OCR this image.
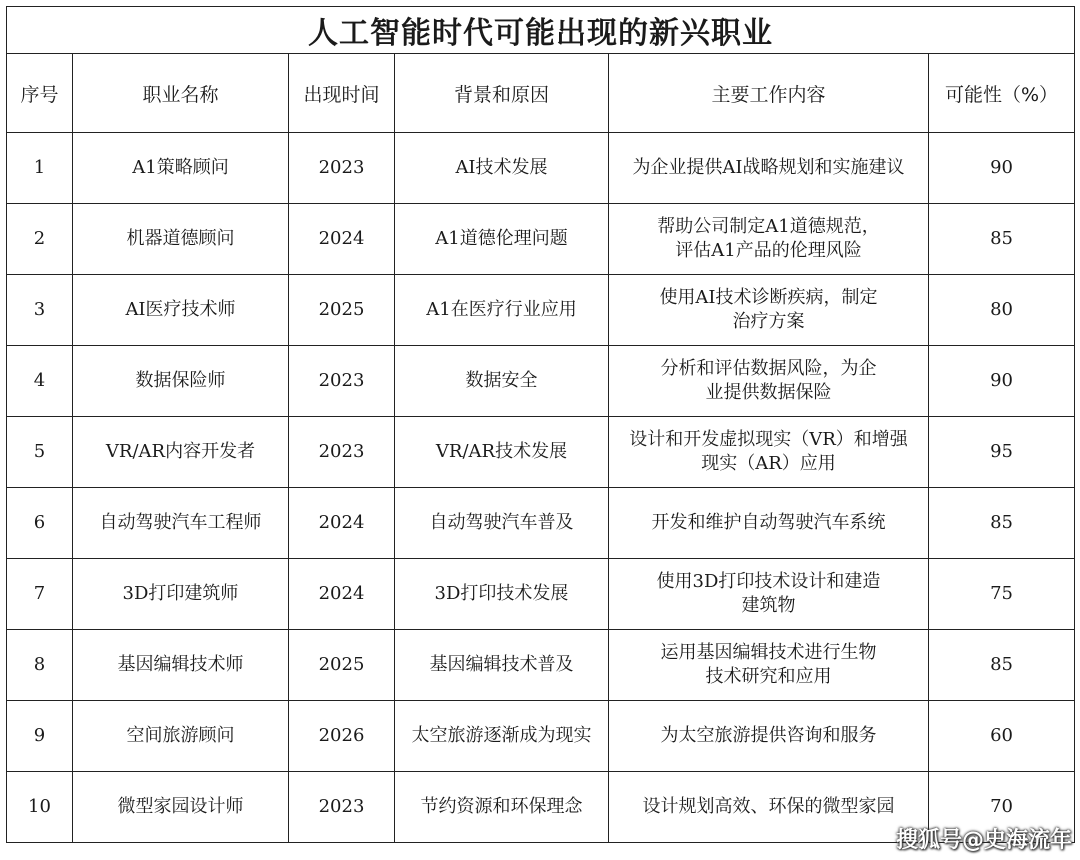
人工智能时代可能出现的新兴职业					
序号	职业名称	出现时间	背景和原因	主要工作内容	可能性（%）
1	A1策略顾问	2023	AI技术发展	为企业提供AI战略规划和实施建议	90
2	机器道德顾问	2024	A1道德伦理问题	帮助公司制定A1道德规范，
评估A1产品的伦理风险	85
3	AI医疗技术师	2025	A1在医疗行业应用	使用AI技术诊断疾病，制定
治疗方案	80
4	数据保险师	2023	数据安全	分析和评估数据风险，为企
业提供数据保险	90
5	VR/AR内容开发者	2023	VR/AR技术发展	设计和开发虚拟现实（VR）和增强
现实（AR）应用	95
6	自动驾驶汽车工程师	2024	自动驾驶汽车普及	开发和维护自动驾驶汽车系统	85
7	3D打印建筑师	2024	3D打印技术发展	使用3D打印技术设计和建造
建筑物	75
8	基因编辑技术师	2025	基因编辑技术普及	运用基因编辑技术进行生物
技术研究和应用	85
9	空间旅游顾问	2026	太空旅游逐渐成为现实	为太空旅游提供咨询和服务	60
10	微型家园设计师	2023	节约资源和环保理念	设计规划高效、环保的微型家园	70
搜狐号@史海流年
